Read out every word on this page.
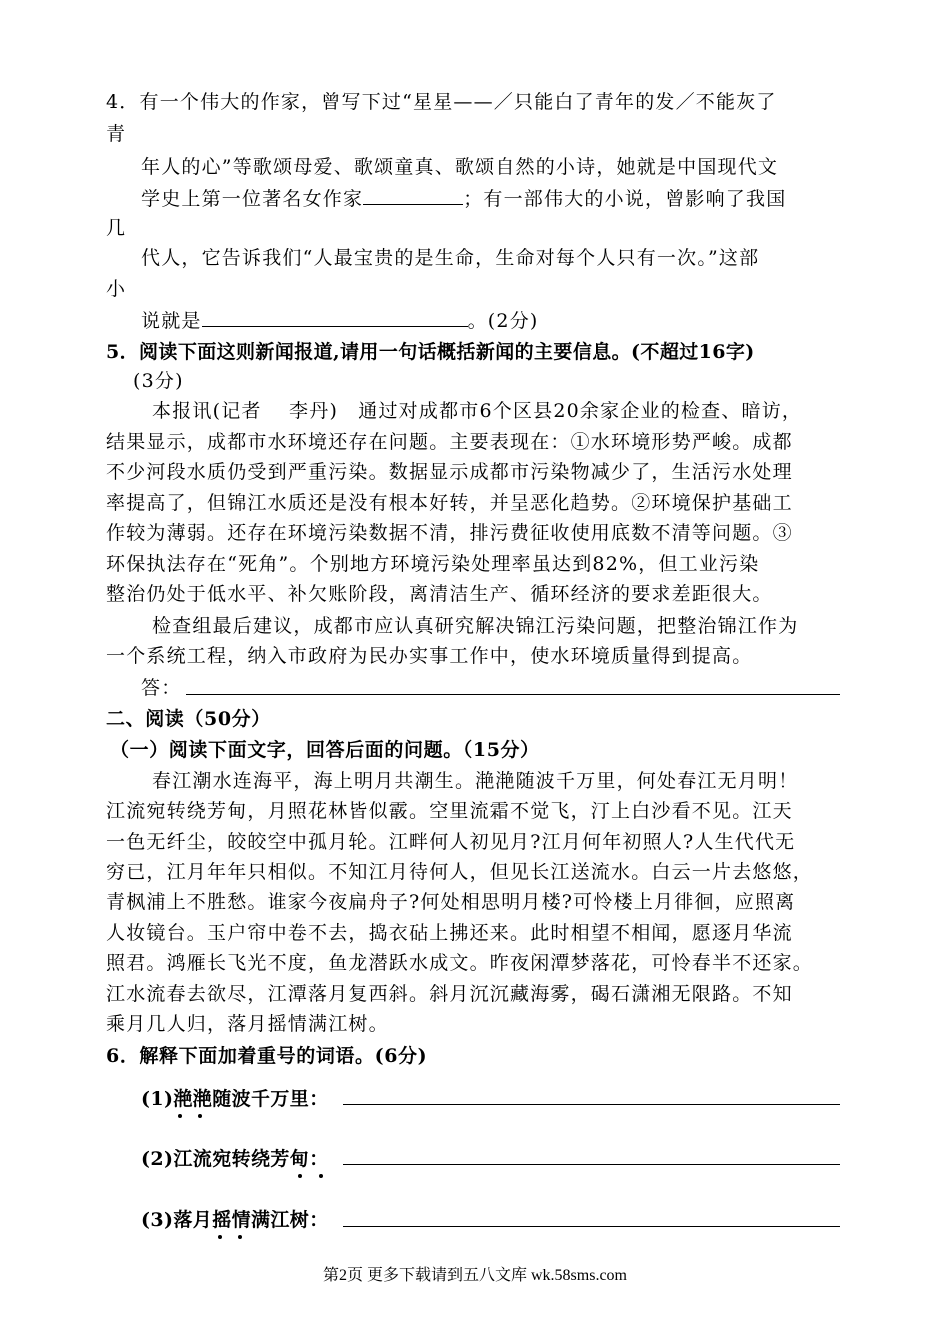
4．有一个伟大的作家，曾写下过“星星——／只能白了青年的发／不能灰了
青
年人的心”等歌颂母爱、歌颂童真、歌颂自然的小诗，她就是中国现代文
学史上第一位著名女作家	；有一部伟大的小说，曾影响了我国
几
代人，它告诉我们“人最宝贵的是生命，生命对每个人只有一次。”这部
小
说就是	。(2分)
5．阅读下面这则新闻报道,请用一句话概括新闻的主要信息。(不超过16字)
(3分)
本报讯(记者　 李丹)　通过对成都市6个区县20余家企业的检查、暗访，
结果显示，成都市水环境还存在问题。主要表现在：①水环境形势严峻。成都
不少河段水质仍受到严重污染。数据显示成都市污染物减少了，生活污水处理
率提高了，但锦江水质还是没有根本好转，并呈恶化趋势。②环境保护基础工
作较为薄弱。还存在环境污染数据不清，排污费征收使用底数不清等问题。③
环保执法存在“死角”。个别地方环境污染处理率虽达到82%，但工业污染
整治仍处于低水平、补欠账阶段，离清洁生产、循环经济的要求差距很大。
检查组最后建议，成都市应认真研究解决锦江污染问题，把整治锦江作为
一个系统工程，纳入市政府为民办实事工作中，使水环境质量得到提高。
答：
二、阅读（50分）
（一）阅读下面文字，回答后面的问题。（15分）
春江潮水连海平，海上明月共潮生。滟滟随波千万里，何处春江无月明！
江流宛转绕芳甸，月照花林皆似霰。空里流霜不觉飞，汀上白沙看不见。江天
一色无纤尘，皎皎空中孤月轮。江畔何人初见月?江月何年初照人?人生代代无
穷已，江月年年只相似。不知江月待何人，但见长江送流水。白云一片去悠悠，
青枫浦上不胜愁。谁家今夜扁舟子?何处相思明月楼?可怜楼上月徘徊，应照离
人妆镜台。玉户帘中卷不去，捣衣砧上拂还来。此时相望不相闻，愿逐月华流
照君。鸿雁长飞光不度，鱼龙潜跃水成文。昨夜闲潭梦落花，可怜春半不还家。
江水流春去欲尽，江潭落月复西斜。斜月沉沉藏海雾，碣石潇湘无限路。不知
乘月几人归，落月摇情满江树。
6．解释下面加着重号的词语。(6分)
(1)滟滟随波千万里：
(2)江流宛转绕芳甸：
(3)落月摇情满江树：
第2页 更多下载请到五八文库 wk.58sms.com
